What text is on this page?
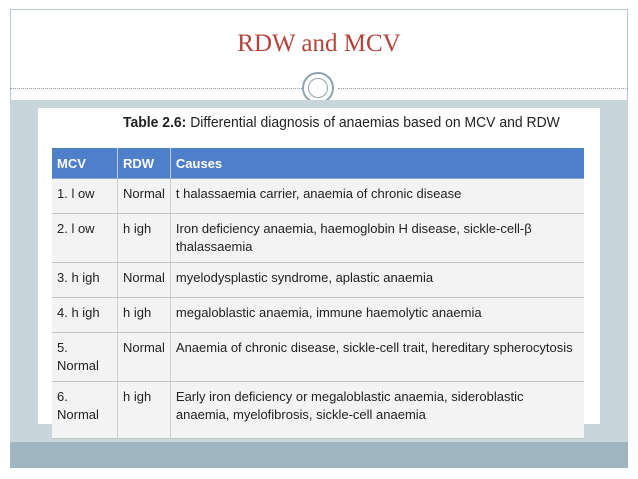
RDW and MCV
Table 2.6: Differential diagnosis of anaemias based on MCV and RDW
MCV	RDW	Causes
1. l ow	Normal	t halassaemia carrier, anaemia of chronic disease
2. l ow	h igh	Iron deficiency anaemia, haemoglobin H disease, sickle-cell-β thalassaemia
3. h igh	Normal	myelodysplastic syndrome, aplastic anaemia
4. h igh	h igh	megaloblastic anaemia, immune haemolytic anaemia
5. Normal	Normal	Anaemia of chronic disease, sickle-cell trait, hereditary spherocytosis
6. Normal	h igh	Early iron deficiency or megaloblastic anaemia, sideroblastic anaemia, myelofibrosis, sickle-cell anaemia
